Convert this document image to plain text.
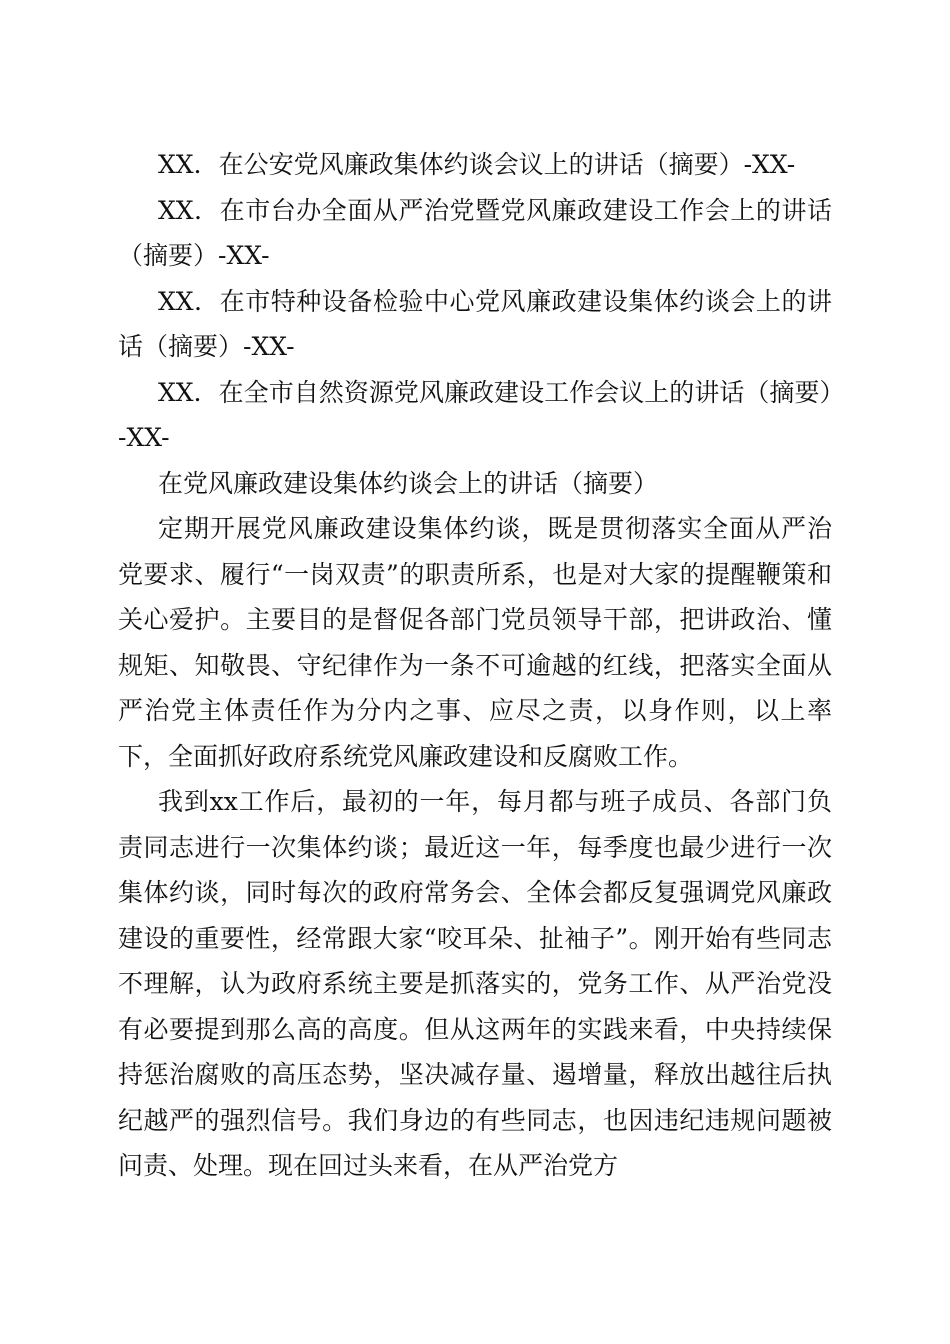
XX．在公安党风廉政集体约谈会议上的讲话（摘要）-XX-

XX．在市台办全面从严治党暨党风廉政建设工作会上的讲话（摘要）-XX-

XX．在市特种设备检验中心党风廉政建设集体约谈会上的讲话（摘要）-XX-

XX．在全市自然资源党风廉政建设工作会议上的讲话（摘要）-XX-

在党风廉政建设集体约谈会上的讲话（摘要）

定期开展党风廉政建设集体约谈，既是贯彻落实全面从严治党要求、履行“一岗双责”的职责所系，也是对大家的提醒鞭策和关心爱护。主要目的是督促各部门党员领导干部，把讲政治、懂规矩、知敬畏、守纪律作为一条不可逾越的红线，把落实全面从严治党主体责任作为分内之事、应尽之责，以身作则，以上率下，全面抓好政府系统党风廉政建设和反腐败工作。

我到xx工作后，最初的一年，每月都与班子成员、各部门负责同志进行一次集体约谈；最近这一年，每季度也最少进行一次集体约谈，同时每次的政府常务会、全体会都反复强调党风廉政建设的重要性，经常跟大家“咬耳朵、扯袖子”。刚开始有些同志不理解，认为政府系统主要是抓落实的，党务工作、从严治党没有必要提到那么高的高度。但从这两年的实践来看，中央持续保持惩治腐败的高压态势，坚决减存量、遏增量，释放出越往后执纪越严的强烈信号。我们身边的有些同志，也因违纪违规问题被问责、处理。现在回过头来看，在从严治党方
